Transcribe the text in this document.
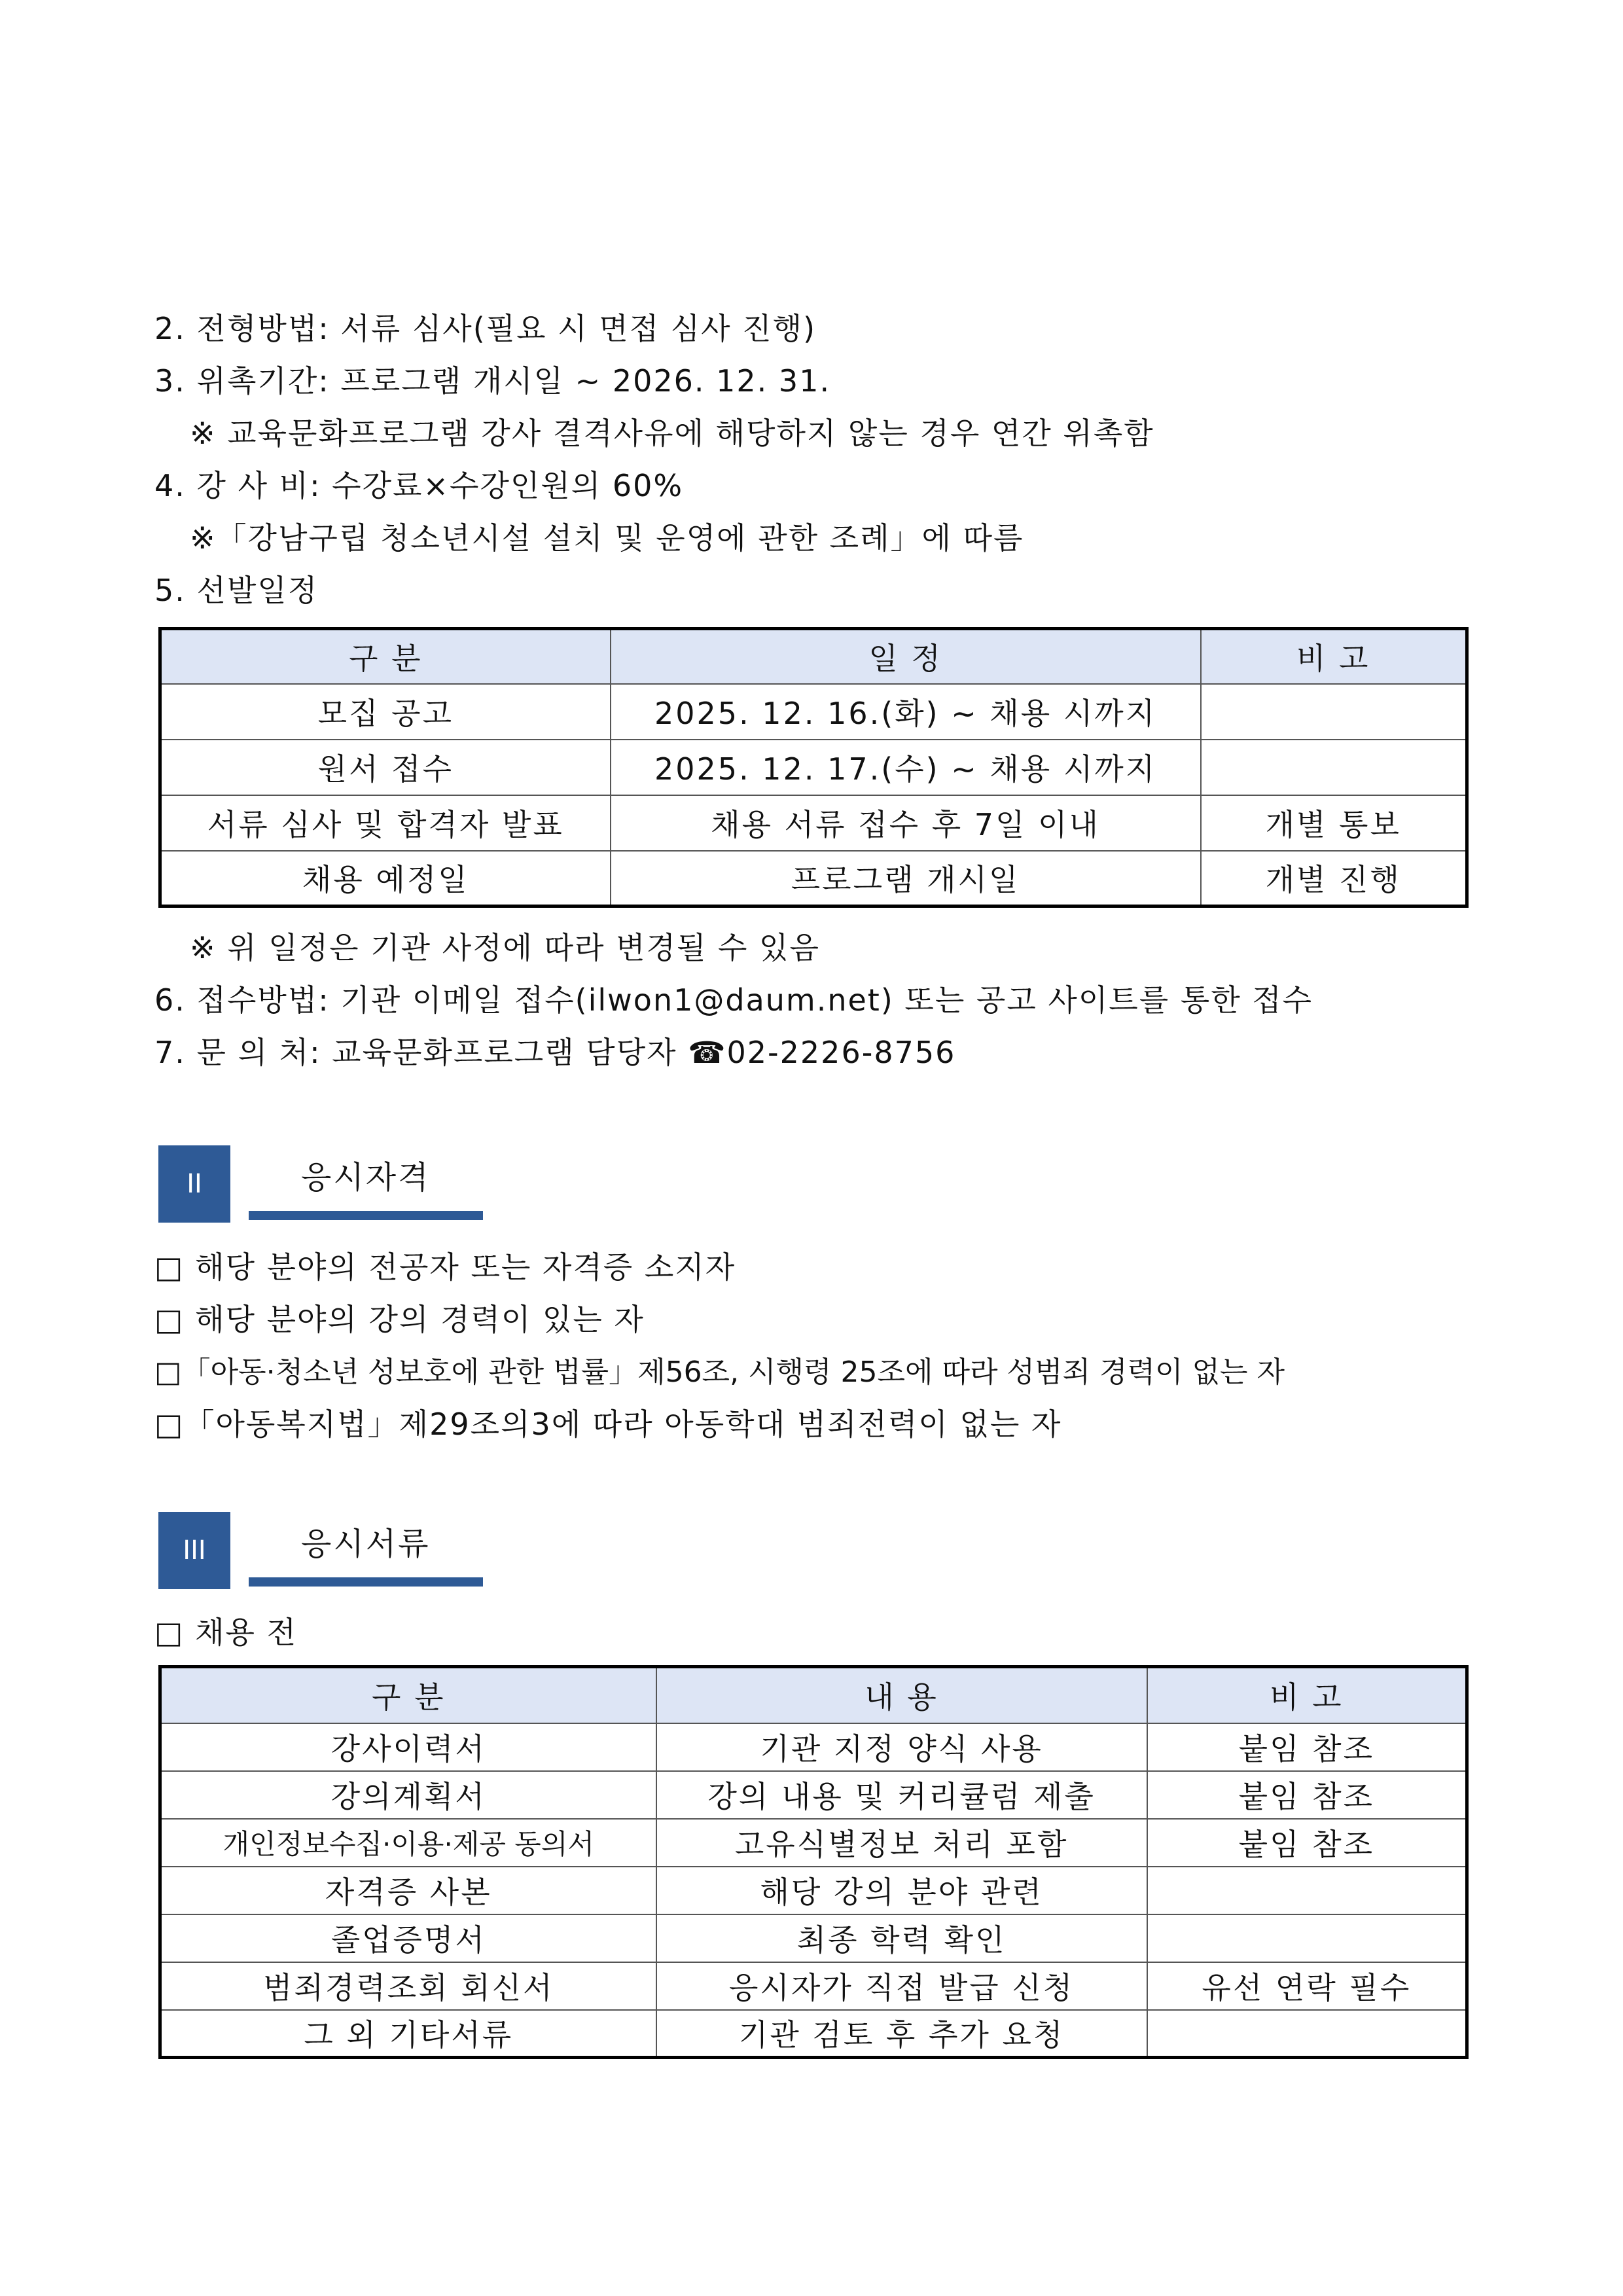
2. 전형방법: 서류 심사(필요 시 면접 심사 진행)
3. 위촉기간: 프로그램 개시일 ~ 2026. 12. 31.
※ 교육문화프로그램 강사 결격사유에 해당하지 않는 경우 연간 위촉함
4. 강 사 비: 수강료×수강인원의 60%
※「강남구립 청소년시설 설치 및 운영에 관한 조례」에 따름
5. 선발일정
구 분	일 정	비 고
모집 공고	2025. 12. 16.(화) ~ 채용 시까지	
원서 접수	2025. 12. 17.(수) ~ 채용 시까지	
서류 심사 및 합격자 발표	채용 서류 접수 후 7일 이내	개별 통보
채용 예정일	프로그램 개시일	개별 진행
※ 위 일정은 기관 사정에 따라 변경될 수 있음
6. 접수방법: 기관 이메일 접수(ilwon1@daum.net) 또는 공고 사이트를 통한 접수
7. 문 의 처: 교육문화프로그램 담당자 ☎02-2226-8756
II	응시자격
□ 해당 분야의 전공자 또는 자격증 소지자
□ 해당 분야의 강의 경력이 있는 자
□「아동·청소년 성보호에 관한 법률」제56조, 시행령 25조에 따라 성범죄 경력이 없는 자
□「아동복지법」제29조의3에 따라 아동학대 범죄전력이 없는 자
III	응시서류
□ 채용 전
구 분	내 용	비 고
강사이력서	기관 지정 양식 사용	붙임 참조
강의계획서	강의 내용 및 커리큘럼 제출	붙임 참조
개인정보수집·이용·제공 동의서	고유식별정보 처리 포함	붙임 참조
자격증 사본	해당 강의 분야 관련	
졸업증명서	최종 학력 확인	
범죄경력조회 회신서	응시자가 직접 발급 신청	유선 연락 필수
그 외 기타서류	기관 검토 후 추가 요청	
